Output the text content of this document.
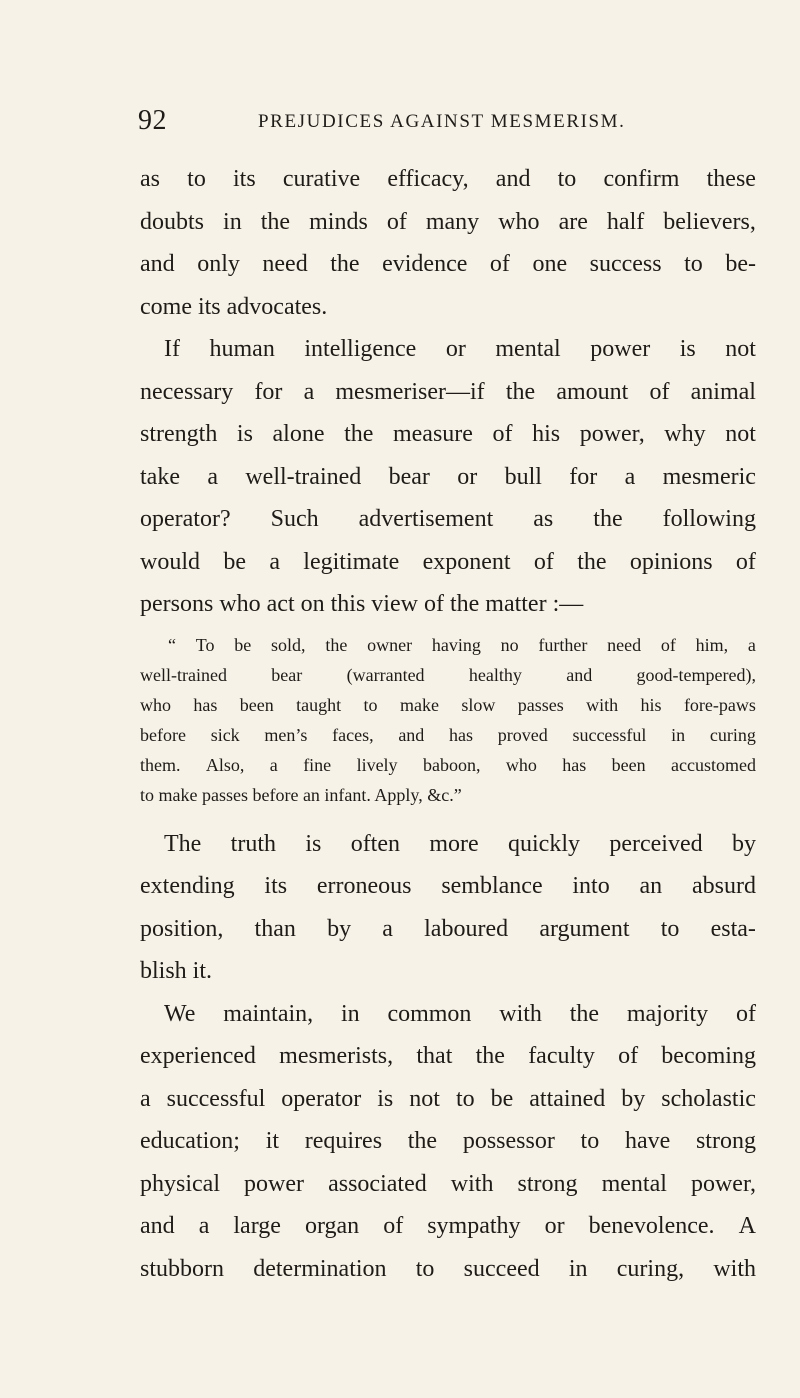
92	PREJUDICES AGAINST MESMERISM.
as to its curative efficacy, and to confirm these
doubts in the minds of many who are half believers,
and only need the evidence of one success to be-
come its advocates.
If human intelligence or mental power is not
necessary for a mesmeriser—if the amount of animal
strength is alone the measure of his power, why not
take a well-trained bear or bull for a mesmeric
operator? Such advertisement as the following
would be a legitimate exponent of the opinions of
persons who act on this view of the matter :—
“ To be sold, the owner having no further need of him, a
well-trained bear (warranted healthy and good-tempered),
who has been taught to make slow passes with his fore-paws
before sick men’s faces, and has proved successful in curing
them. Also, a fine lively baboon, who has been accustomed
to make passes before an infant. Apply, &c.”
The truth is often more quickly perceived by
extending its erroneous semblance into an absurd
position, than by a laboured argument to esta-
blish it.
We maintain, in common with the majority of
experienced mesmerists, that the faculty of becoming
a successful operator is not to be attained by scholastic
education; it requires the possessor to have strong
physical power associated with strong mental power,
and a large organ of sympathy or benevolence. A
stubborn determination to succeed in curing, with
